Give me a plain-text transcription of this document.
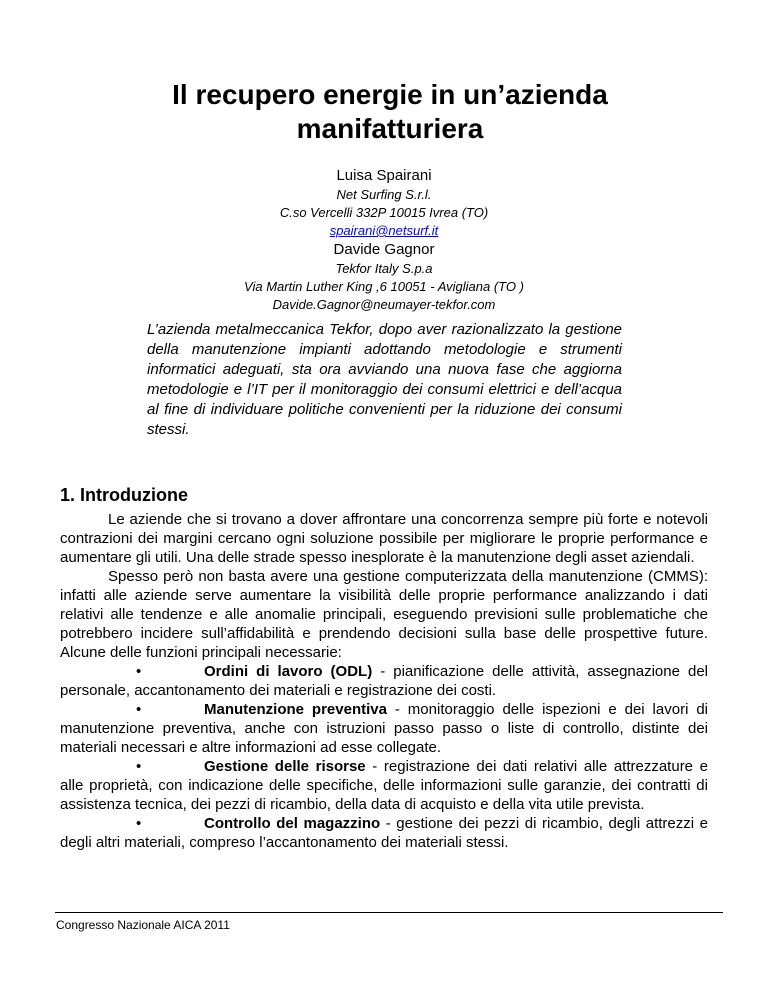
Il recupero energie in un’azienda
manifatturiera

Luisa Spairani

Net Surfing S.r.l.

C.so Vercelli 332P 10015 Ivrea (TO)

spairani@netsurf.it

Davide Gagnor

Tekfor Italy S.p.a

Via Martin Luther King ,6 10051 - Avigliana (TO )

Davide.Gagnor@neumayer-tekfor.com

L’azienda metalmeccanica Tekfor, dopo aver razionalizzato la gestione della manutenzione impianti adottando metodologie e strumenti informatici adeguati, sta ora avviando una nuova fase che aggiorna metodologie e l’IT per il monitoraggio dei consumi elettrici e dell’acqua al fine di individuare politiche convenienti per la riduzione dei consumi stessi.

1. Introduzione

Le aziende che si trovano a dover affrontare una concorrenza sempre più forte e notevoli contrazioni dei margini cercano ogni soluzione possibile per migliorare le proprie performance e aumentare gli utili. Una delle strade spesso inesplorate è la manutenzione degli asset aziendali.

Spesso però non basta avere una gestione computerizzata della manutenzione (CMMS): infatti alle aziende serve aumentare la visibilità delle proprie performance analizzando i dati relativi alle tendenze e alle anomalie principali, eseguendo previsioni sulle problematiche che potrebbero incidere sull’affidabilità e prendendo decisioni sulla base delle prospettive future. Alcune delle funzioni principali necessarie:

•	Ordini di lavoro (ODL) - pianificazione delle attività, assegnazione del personale, accantonamento dei materiali e registrazione dei costi.

•	Manutenzione preventiva - monitoraggio delle ispezioni e dei lavori di manutenzione preventiva, anche con istruzioni passo passo o liste di controllo, distinte dei materiali necessari e altre informazioni ad esse collegate.

•	Gestione delle risorse - registrazione dei dati relativi alle attrezzature e alle proprietà, con indicazione delle specifiche, delle informazioni sulle garanzie, dei contratti di assistenza tecnica, dei pezzi di ricambio, della data di acquisto e della vita utile prevista.

•	Controllo del magazzino - gestione dei pezzi di ricambio, degli attrezzi e degli altri materiali, compreso l’accantonamento dei materiali stessi.

Congresso Nazionale AICA 2011
